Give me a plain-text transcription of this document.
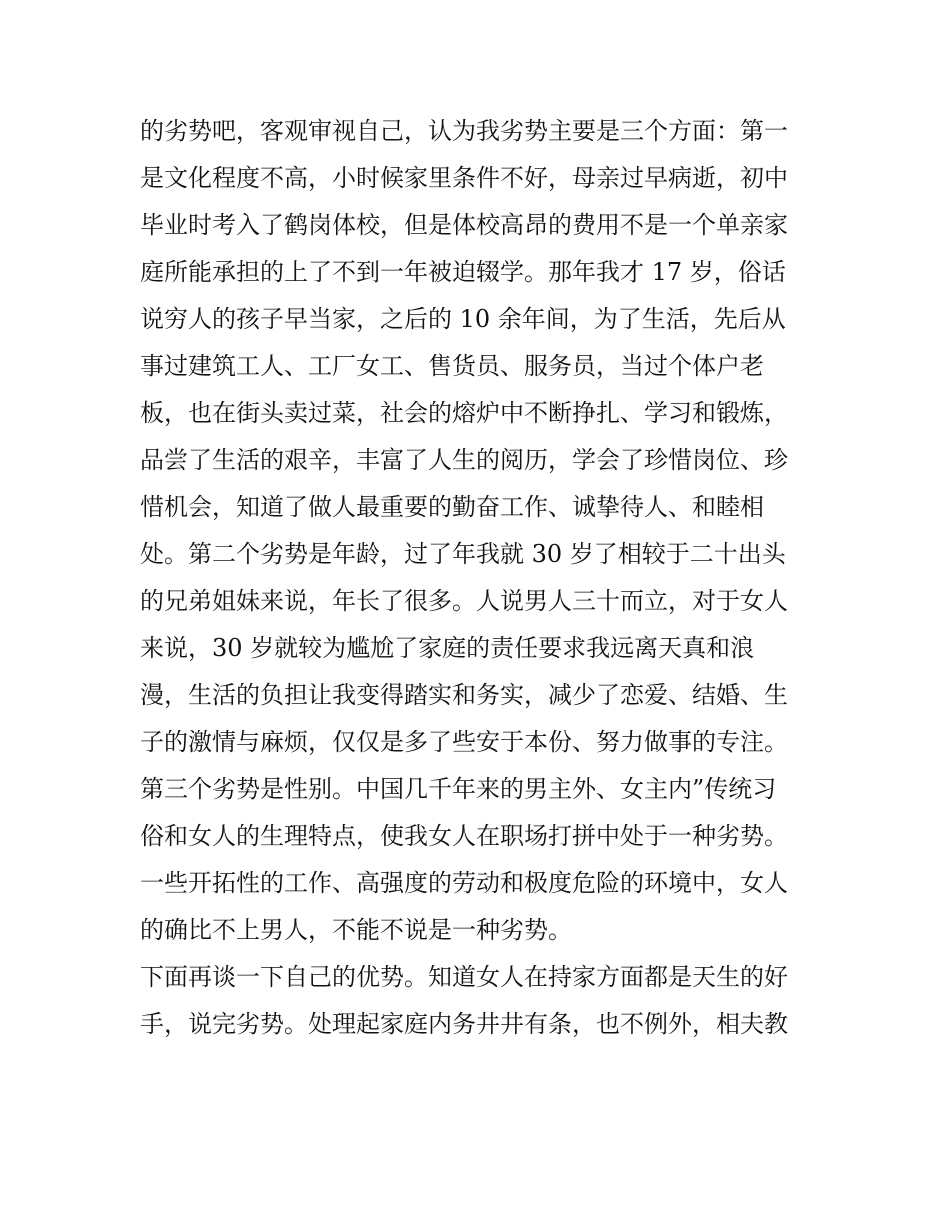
的劣势吧，客观审视自己，认为我劣势主要是三个方面：第一
是文化程度不高，小时候家里条件不好，母亲过早病逝，初中
毕业时考入了鹤岗体校，但是体校高昂的费用不是一个单亲家
庭所能承担的上了不到一年被迫辍学。那年我才 17 岁，俗话
说穷人的孩子早当家，之后的 10 余年间，为了生活，先后从
事过建筑工人、工厂女工、售货员、服务员，当过个体户老
板，也在街头卖过菜，社会的熔炉中不断挣扎、学习和锻炼，
品尝了生活的艰辛，丰富了人生的阅历，学会了珍惜岗位、珍
惜机会，知道了做人最重要的勤奋工作、诚挚待人、和睦相
处。第二个劣势是年龄，过了年我就 30 岁了相较于二十出头
的兄弟姐妹来说，年长了很多。人说男人三十而立，对于女人
来说，30 岁就较为尴尬了家庭的责任要求我远离天真和浪
漫，生活的负担让我变得踏实和务实，减少了恋爱、结婚、生
子的激情与麻烦，仅仅是多了些安于本份、努力做事的专注。
第三个劣势是性别。中国几千年来的男主外、女主内”传统习
俗和女人的生理特点，使我女人在职场打拼中处于一种劣势。
一些开拓性的工作、高强度的劳动和极度危险的环境中，女人
的确比不上男人，不能不说是一种劣势。
下面再谈一下自己的优势。知道女人在持家方面都是天生的好
手，说完劣势。处理起家庭内务井井有条，也不例外，相夫教
